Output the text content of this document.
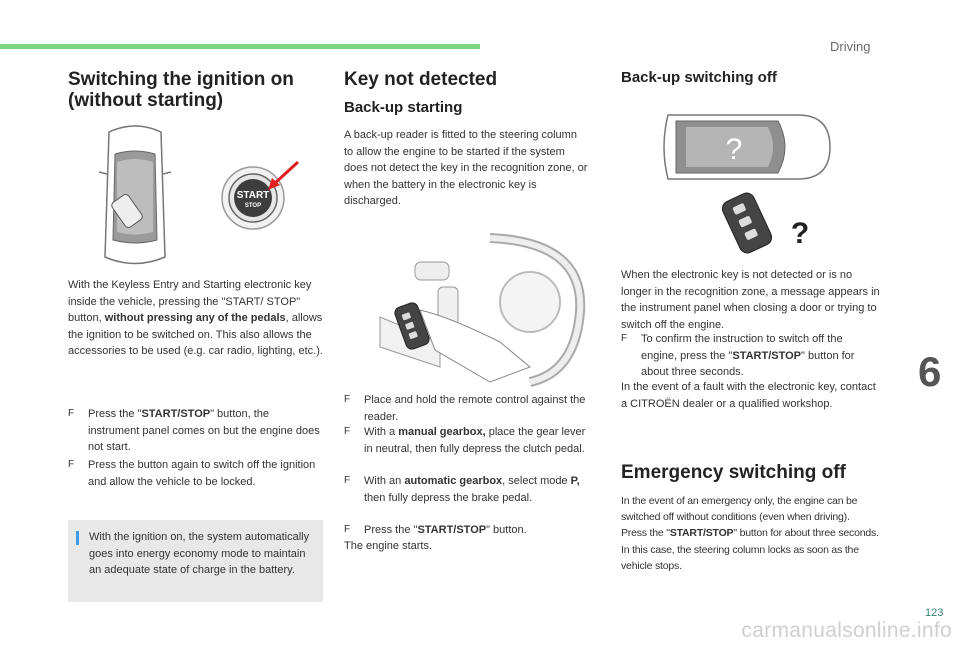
Driving
6
Switching the ignition on
(without starting)
START
STOP
With the Keyless Entry and Starting electronic key inside the vehicle, pressing the "START/ STOP" button, without pressing any of the pedals, allows the ignition to be switched on. This also allows the accessories to be used (e.g. car radio, lighting, etc.).
F	Press the "START/STOP" button, the instrument panel comes on but the engine does not start.
F	Press the button again to switch off the ignition and allow the vehicle to be locked.
With the ignition on, the system automatically goes into energy economy mode to maintain an adequate state of charge in the battery.
Key not detected
Back-up starting
A back-up reader is fitted to the steering column to allow the engine to be started if the system does not detect the key in the recognition zone, or when the battery in the electronic key is discharged.
F	Place and hold the remote control against the reader.
F	With a manual gearbox, place the gear lever in neutral, then fully depress the clutch pedal.
F	With an automatic gearbox, select mode P, then fully depress the brake pedal.
F	Press the "START/STOP" button.
The engine starts.
Back-up switching off
?
?
When the electronic key is not detected or is no longer in the recognition zone, a message appears in the instrument panel when closing a door or trying to switch off the engine.
F	To confirm the instruction to switch off the engine, press the "START/STOP" button for about three seconds.
In the event of a fault with the electronic key, contact a CITROËN dealer or a qualified workshop.
Emergency switching off
In the event of an emergency only, the engine can be switched off without conditions (even when driving).
Press the "START/STOP" button for about three seconds.
In this case, the steering column locks as soon as the vehicle stops.
123
carmanualsonline.info
